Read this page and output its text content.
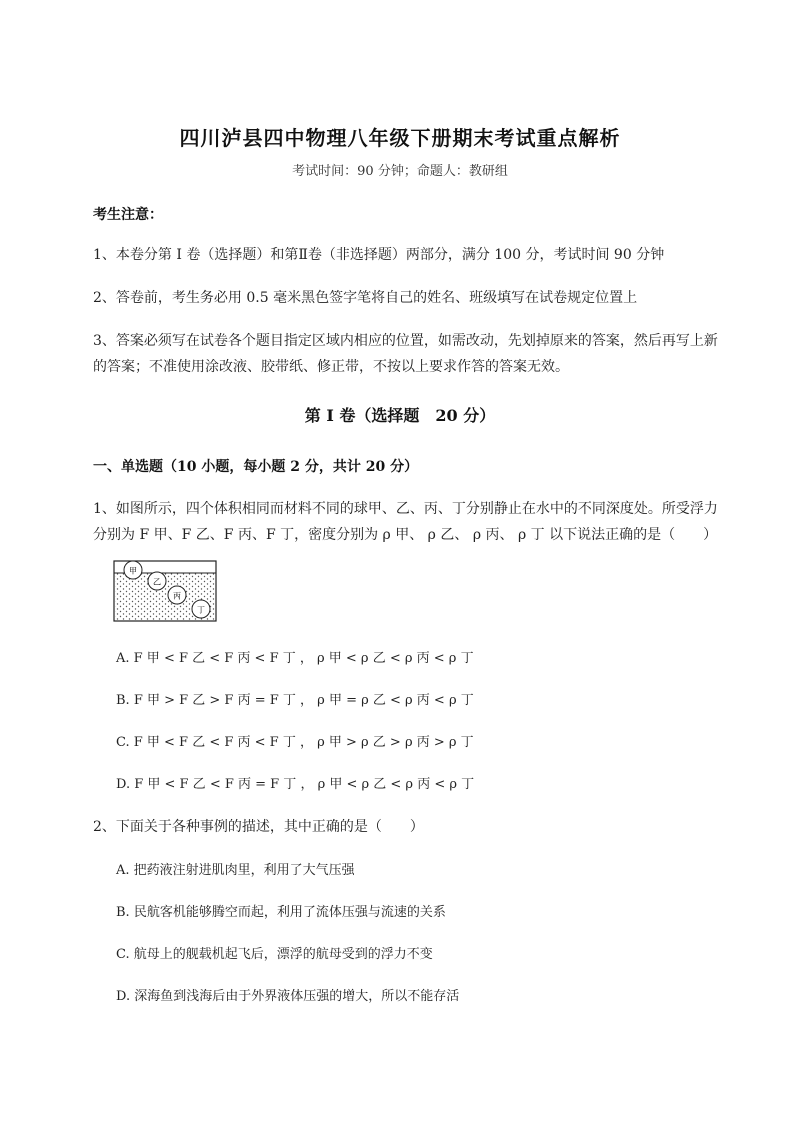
四川泸县四中物理八年级下册期末考试重点解析
考试时间：90 分钟；命题人：教研组
考生注意：
1、本卷分第 I 卷（选择题）和第Ⅱ卷（非选择题）两部分，满分 100 分，考试时间 90 分钟
2、答卷前，考生务必用 0.5 毫米黑色签字笔将自己的姓名、班级填写在试卷规定位置上
3、答案必须写在试卷各个题目指定区域内相应的位置，如需改动，先划掉原来的答案，然后再写上新
的答案；不准使用涂改液、胶带纸、修正带，不按以上要求作答的答案无效。
第 I 卷（选择题　20 分）
一、单选题（10 小题，每小题 2 分，共计 20 分）
1、如图所示，四个体积相同而材料不同的球甲、乙、丙、丁分别静止在水中的不同深度处。所受浮力
分别为 F 甲、F 乙、F 丙、F 丁，密度分别为 ρ 甲、 ρ 乙、 ρ 丙、 ρ 丁 以下说法正确的是（　　）
甲
乙
丙
丁
A. F 甲 < F 乙 < F 丙 < F 丁 ， ρ 甲 < ρ 乙 < ρ 丙 < ρ 丁
B. F 甲 > F 乙 > F 丙 = F 丁 ， ρ 甲 = ρ 乙 < ρ 丙 < ρ 丁
C. F 甲 < F 乙 < F 丙 < F 丁 ， ρ 甲 > ρ 乙 > ρ 丙 > ρ 丁
D. F 甲 < F 乙 < F 丙 = F 丁 ， ρ 甲 < ρ 乙 < ρ 丙 < ρ 丁
2、下面关于各种事例的描述，其中正确的是（　　）
A. 把药液注射进肌肉里，利用了大气压强
B. 民航客机能够腾空而起，利用了流体压强与流速的关系
C. 航母上的舰载机起飞后，漂浮的航母受到的浮力不变
D. 深海鱼到浅海后由于外界液体压强的增大，所以不能存活
